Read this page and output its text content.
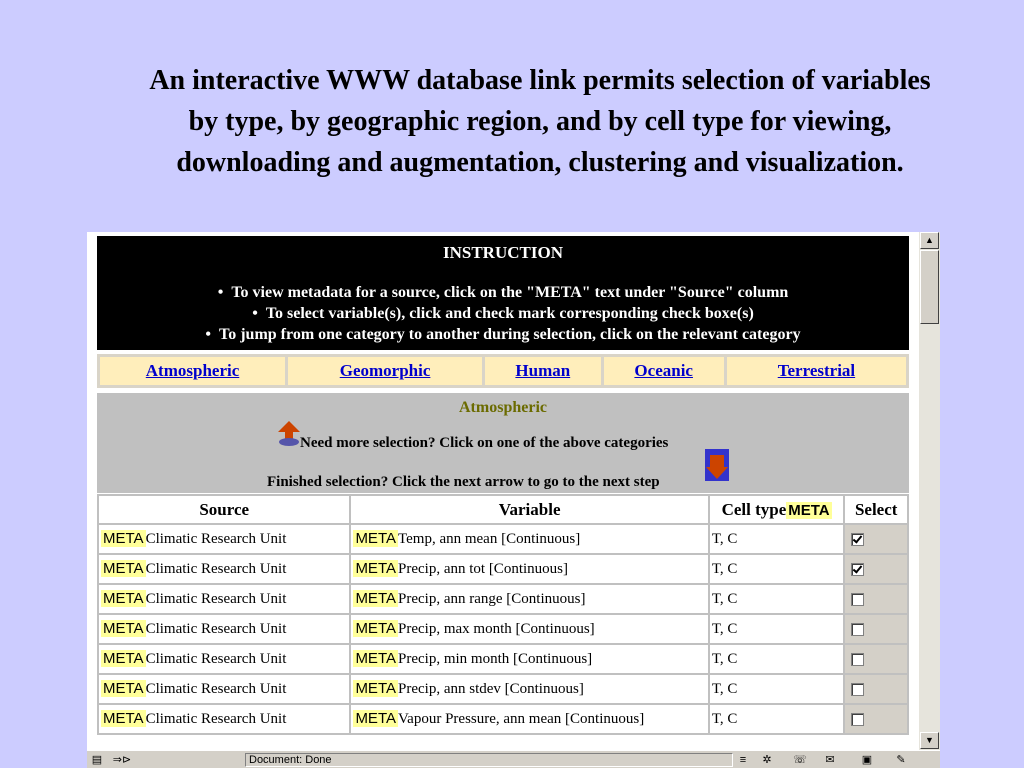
An interactive WWW database link permits selection of variables
by type, by geographic region, and by cell type for viewing,
downloading and augmentation, clustering and visualization.
INSTRUCTION
•  To view metadata for a source, click on the "META" text under "Source" column
•  To select variable(s), click and check mark corresponding check boxe(s)
•  To jump from one category to another during selection, click on the relevant category
Atmospheric	Geomorphic	Human	Oceanic	Terrestrial
Atmospheric
Need more selection? Click on one of the above categories
Finished selection? Click the next arrow to go to the next step
Source	Variable	Cell type META	Select
META Climatic Research Unit	META Temp, ann mean [Continuous]	T, C	
META Climatic Research Unit	META Precip, ann tot [Continuous]	T, C	
META Climatic Research Unit	META Precip, ann range [Continuous]	T, C	
META Climatic Research Unit	META Precip, max month [Continuous]	T, C	
META Climatic Research Unit	META Precip, min month [Continuous]	T, C	
META Climatic Research Unit	META Precip, ann stdev [Continuous]	T, C	
META Climatic Research Unit	META Vapour Pressure, ann mean [Continuous]	T, C	
▲
▼
▤ ⇒⊳	Document: Done	≡	✲	☏	✉	▣	✎
